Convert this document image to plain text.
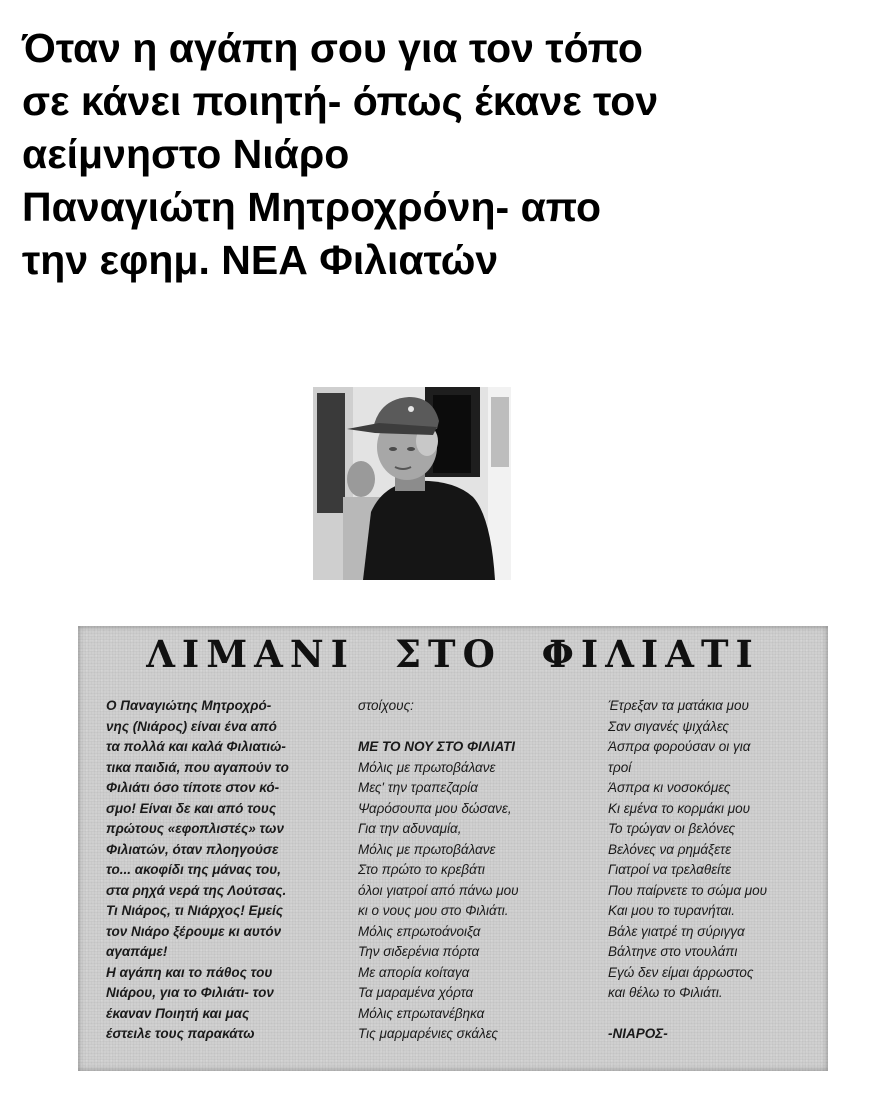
Όταν η αγάπη σου για τον τόπο
σε κάνει ποιητή- όπως έκανε τον
αείμνηστο Νιάρο
Παναγιώτη Μητροχρόνη- απο
την εφημ. ΝΕΑ Φιλιατών
ΛΙΜΑΝΙ ΣΤΟ ΦΙΛΙΑΤΙ
Ο Παναγιώτης Μητροχρό-
νης (Νιάρος) είναι ένα από
τα πολλά και καλά Φιλιατιώ-
τικα παιδιά, που αγαπούν το
Φιλιάτι όσο τίποτε στον κό-
σμο! Είναι δε και από τους
πρώτους «εφοπλιστές» των
Φιλιατών, όταν πλοηγούσε
το... ακοφίδι της μάνας του,
στα ρηχά νερά της Λούτσας.
Τι Νιάρος, τι Νιάρχος! Εμείς
τον Νιάρο ξέρουμε κι αυτόν
αγαπάμε!
Η αγάπη και το πάθος του
Νιάρου, για το Φιλιάτι- τον
έκαναν Ποιητή και μας
έστειλε τους παρακάτω
στοίχους:

ΜΕ ΤΟ ΝΟΥ ΣΤΟ ΦΙΛΙΑΤΙ
Μόλις με πρωτοβάλανε
Μες' την τραπεζαρία
Ψαρόσουπα μου δώσανε,
Για την αδυναμία,
Μόλις με πρωτοβάλανε
Στο πρώτο το κρεβάτι
όλοι γιατροί από πάνω μου
κι ο νους μου στο Φιλιάτι.
Μόλις επρωτοάνοιξα
Την σιδερένια πόρτα
Με απορία κοίταγα
Τα μαραμένα χόρτα
Μόλις επρωτανέβηκα
Τις μαρμαρένιες σκάλες
Έτρεξαν τα ματάκια μου
Σαν σιγανές ψιχάλες
Άσπρα φορούσαν οι για
τροί
Άσπρα κι νοσοκόμες
Κι εμένα το κορμάκι μου
Το τρώγαν οι βελόνες
Βελόνες να ρημάξετε
Γιατροί να τρελαθείτε
Που παίρνετε το σώμα μου
Και μου το τυρανήται.
Βάλε γιατρέ τη σύριγγα
Βάλτηνε στο ντουλάπι
Εγώ δεν είμαι άρρωστος
και θέλω το Φιλιάτι.

-ΝΙΑΡΟΣ-
